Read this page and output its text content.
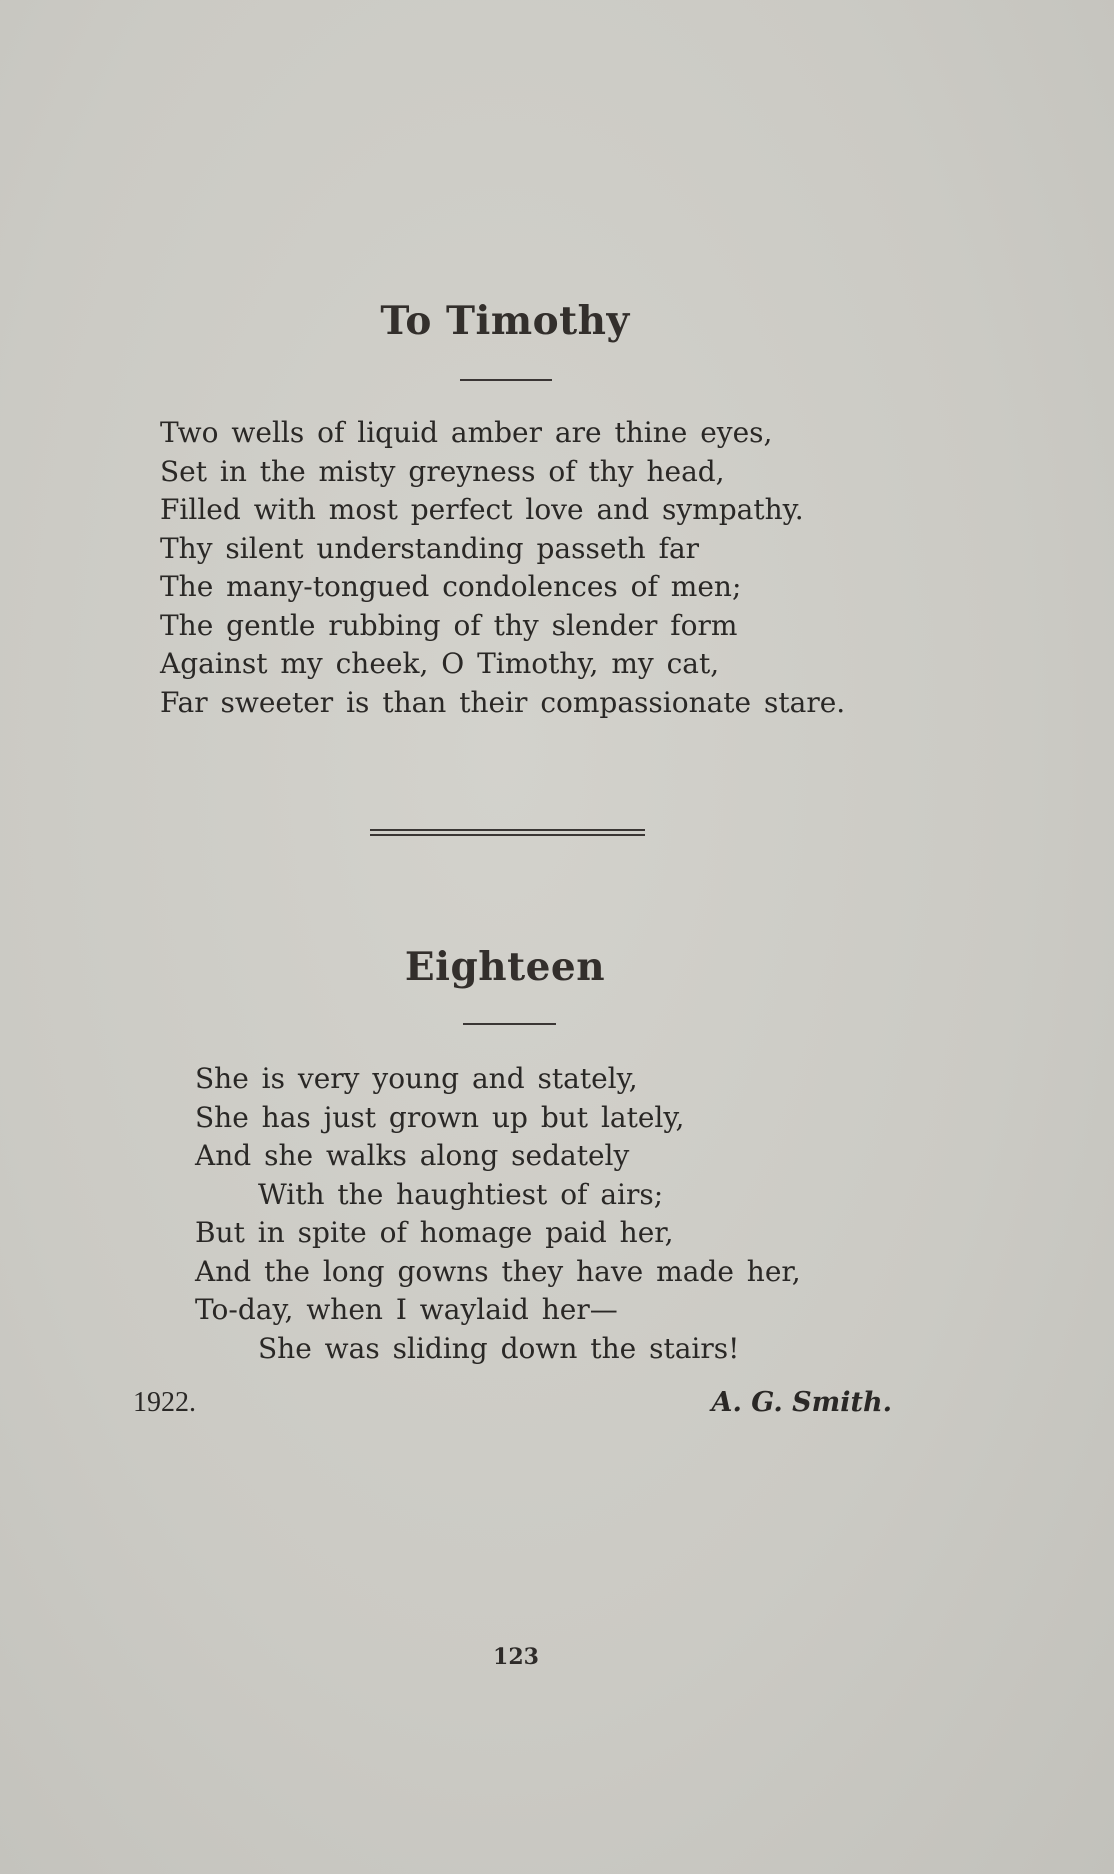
To Timothy
Two wells of liquid amber are thine eyes,
Set in the misty greyness of thy head,
Filled with most perfect love and sympathy.
Thy silent understanding passeth far
The many-tongued condolences of men;
The gentle rubbing of thy slender form
Against my cheek, O Timothy, my cat,
Far sweeter is than their compassionate stare.
Eighteen
She is very young and stately,
She has just grown up but lately,
And she walks along sedately
With the haughtiest of airs;
But in spite of homage paid her,
And the long gowns they have made her,
To-day, when I waylaid her—
She was sliding down the stairs!
1922.	A. G. Smith.
123
